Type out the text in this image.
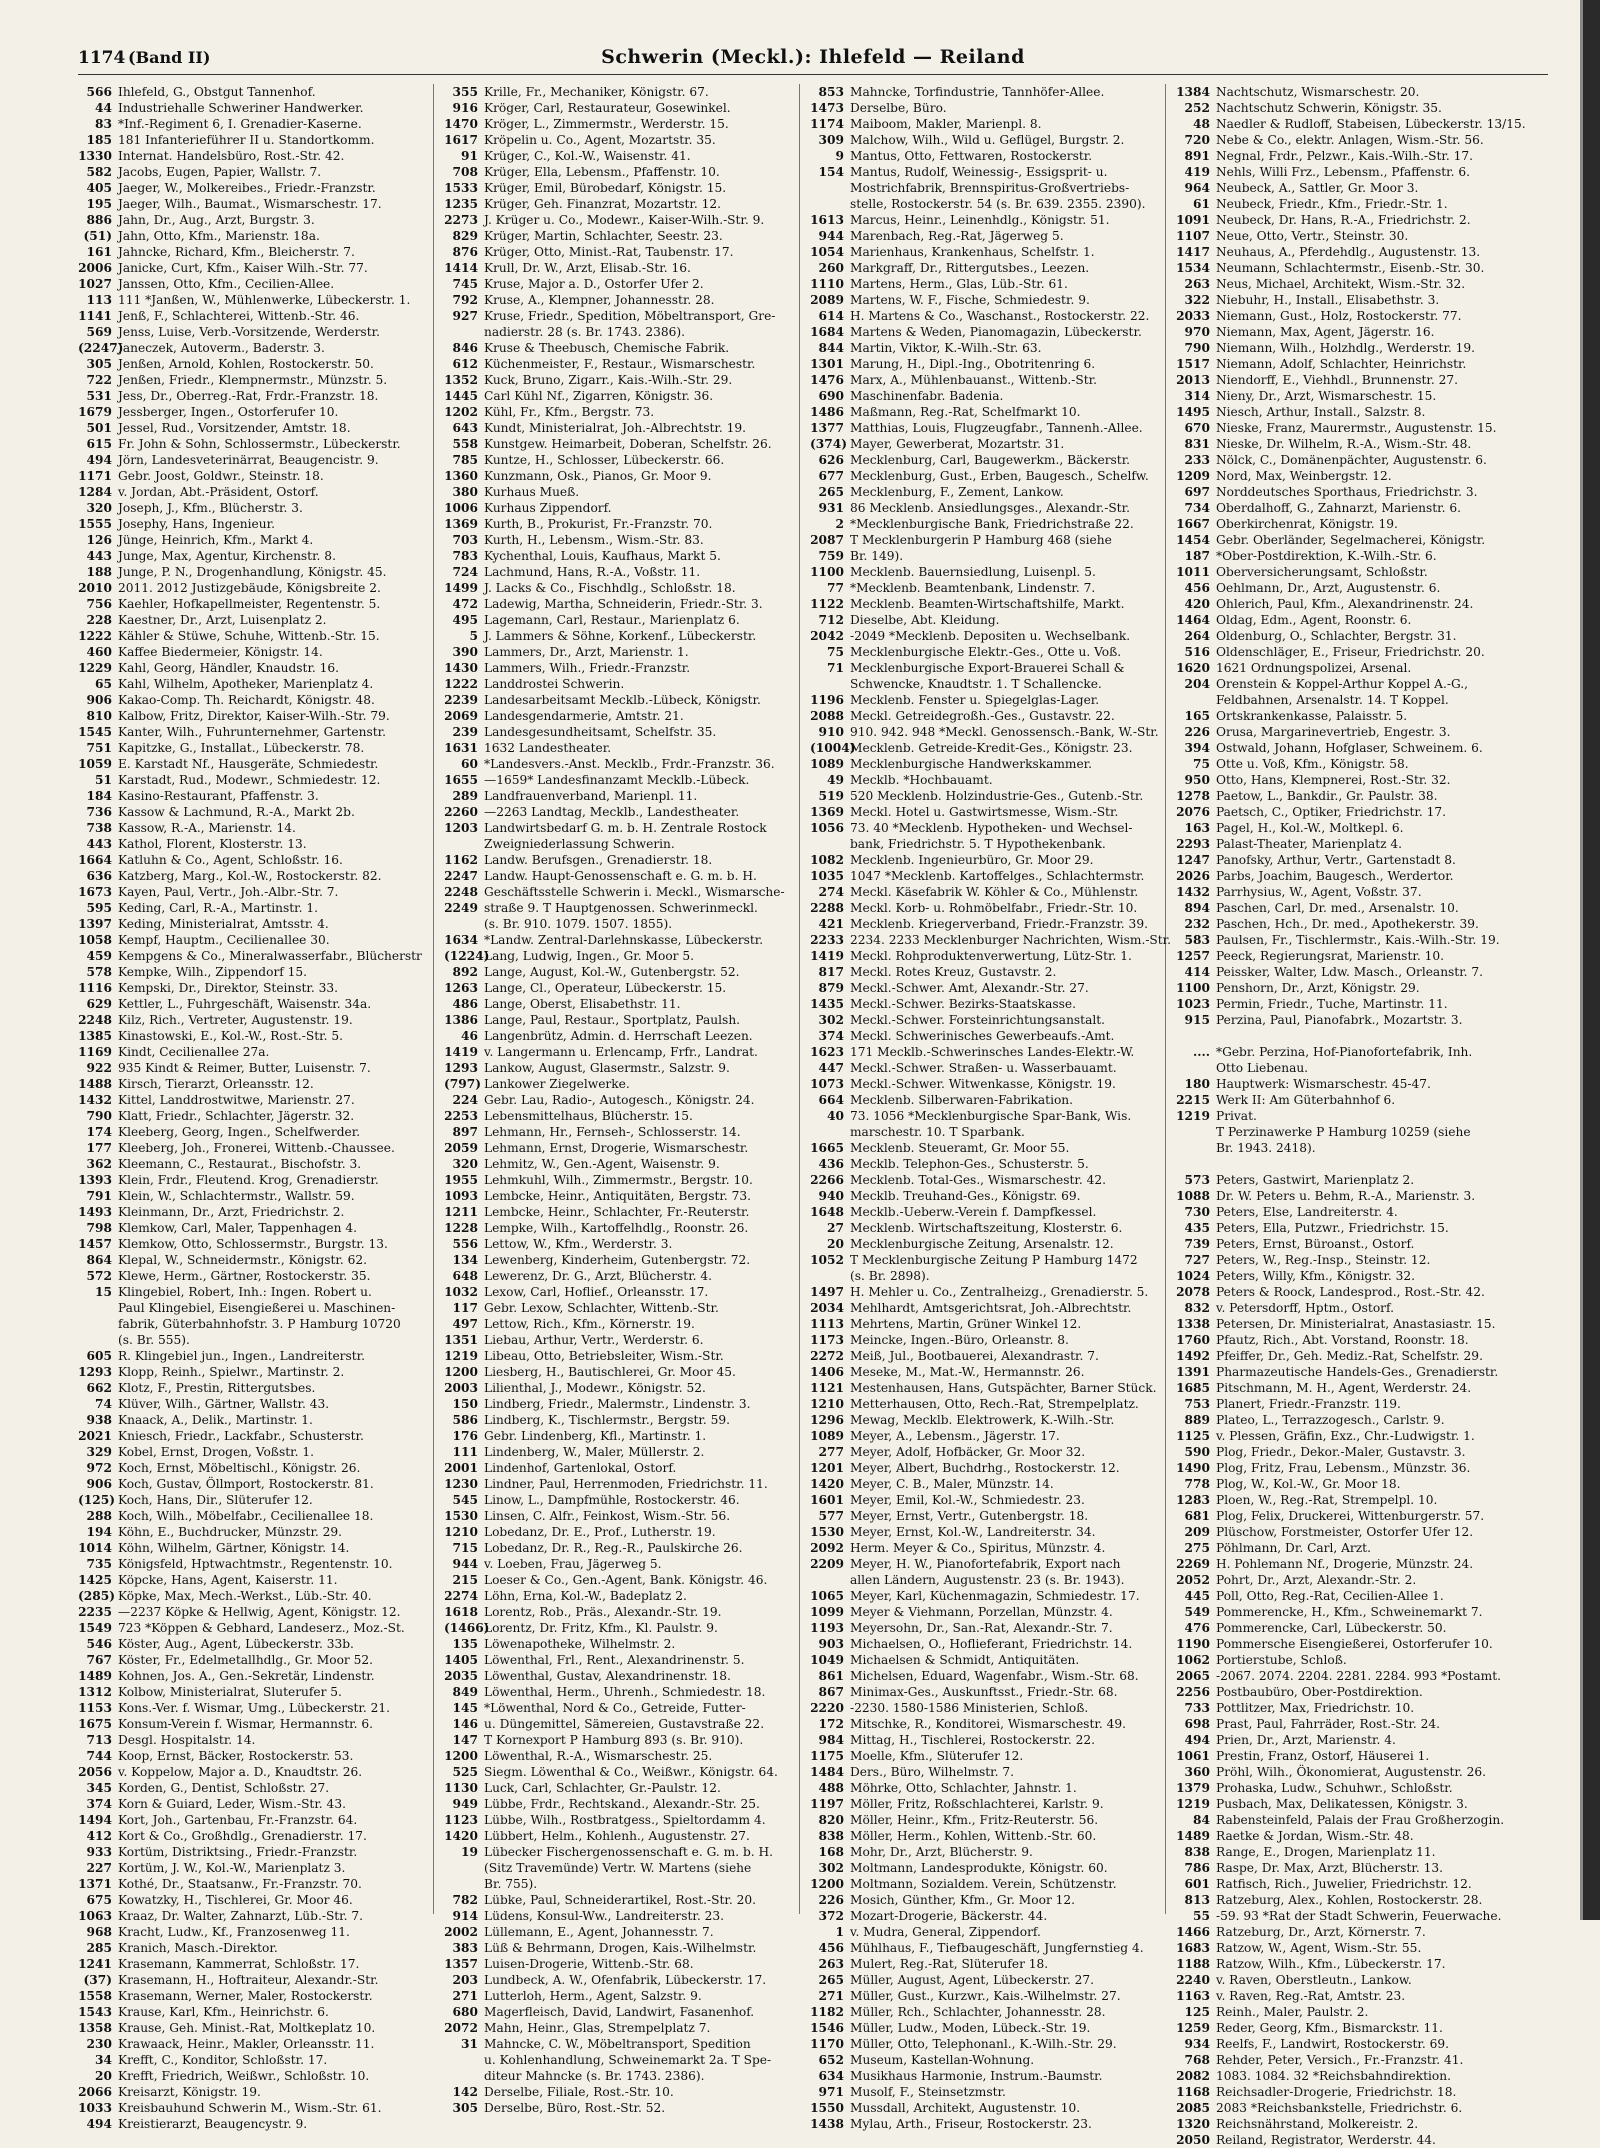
1174 (Band II)	Schwerin (Meckl.): Ihlefeld — Reiland
566 Ihlefeld, G., Obstgut Tannenhof.
44 Industriehalle Schweriner Handwerker.
83 *Inf.-Regiment 6, I. Grenadier-Kaserne.
185 181 Infanterieführer II u. Standortkomm.
1330 Internat. Handelsbüro, Rost.-Str. 42.
582 Jacobs, Eugen, Papier, Wallstr. 7.
405 Jaeger, W., Molkereibes., Friedr.-Franzstr.
195 Jaeger, Wilh., Baumat., Wismarschestr. 17.
886 Jahn, Dr., Aug., Arzt, Burgstr. 3.
(51) Jahn, Otto, Kfm., Marienstr. 18a.
161 Jahncke, Richard, Kfm., Bleicherstr. 7.
2006 Janicke, Curt, Kfm., Kaiser Wilh.-Str. 77.
1027 Janssen, Otto, Kfm., Cecilien-Allee.
113 111 *Janßen, W., Mühlenwerke, Lübeckerstr. 1.
1141 Jenß, F., Schlachterei, Wittenb.-Str. 46.
569 Jenss, Luise, Verb.-Vorsitzende, Werderstr.
(2247)Janeczek, Autoverm., Baderstr. 3.
305 Jenßen, Arnold, Kohlen, Rostockerstr. 50.
722 Jenßen, Friedr., Klempnermstr., Münzstr. 5.
531 Jess, Dr., Oberreg.-Rat, Frdr.-Franzstr. 18.
1679 Jessberger, Ingen., Ostorferufer 10.
501 Jessel, Rud., Vorsitzender, Amtstr. 18.
615 Fr. John & Sohn, Schlossermstr., Lübeckerstr.
494 Jörn, Landesveterinärrat, Beaugencistr. 9.
1171 Gebr. Joost, Goldwr., Steinstr. 18.
1284 v. Jordan, Abt.-Präsident, Ostorf.
320 Joseph, J., Kfm., Blücherstr. 3.
1555 Josephy, Hans, Ingenieur.
126 Jünge, Heinrich, Kfm., Markt 4.
443 Junge, Max, Agentur, Kirchenstr. 8.
188 Junge, P. N., Drogenhandlung, Königstr. 45.
2010 2011. 2012 Justizgebäude, Königsbreite 2.
756 Kaehler, Hofkapellmeister, Regentenstr. 5.
228 Kaestner, Dr., Arzt, Luisenplatz 2.
1222 Kähler & Stüwe, Schuhe, Wittenb.-Str. 15.
460 Kaffee Biedermeier, Königstr. 14.
1229 Kahl, Georg, Händler, Knaudstr. 16.
65 Kahl, Wilhelm, Apotheker, Marienplatz 4.
906 Kakao-Comp. Th. Reichardt, Königstr. 48.
810 Kalbow, Fritz, Direktor, Kaiser-Wilh.-Str. 79.
1545 Kanter, Wilh., Fuhrunternehmer, Gartenstr.
751 Kapitzke, G., Installat., Lübeckerstr. 78.
1059 E. Karstadt Nf., Hausgeräte, Schmiedestr.
51 Karstadt, Rud., Modewr., Schmiedestr. 12.
184 Kasino-Restaurant, Pfaffenstr. 3.
736 Kassow & Lachmund, R.-A., Markt 2b.
738 Kassow, R.-A., Marienstr. 14.
443 Kathol, Florent, Klosterstr. 13.
1664 Katluhn & Co., Agent, Schloßstr. 16.
636 Katzberg, Marg., Kol.-W., Rostockerstr. 82.
1673 Kayen, Paul, Vertr., Joh.-Albr.-Str. 7.
595 Keding, Carl, R.-A., Martinstr. 1.
1397 Keding, Ministerialrat, Amtsstr. 4.
1058 Kempf, Hauptm., Cecilienallee 30.
459 Kempgens & Co., Mineralwasserfabr., Blücherstr
578 Kempke, Wilh., Zippendorf 15.
1116 Kempski, Dr., Direktor, Steinstr. 33.
629 Kettler, L., Fuhrgeschäft, Waisenstr. 34a.
2248 Kilz, Rich., Vertreter, Augustenstr. 19.
1385 Kinastowski, E., Kol.-W., Rost.-Str. 5.
1169 Kindt, Cecilienallee 27a.
922 935 Kindt & Reimer, Butter, Luisenstr. 7.
1488 Kirsch, Tierarzt, Orleansstr. 12.
1432 Kittel, Landdrostwitwe, Marienstr. 27.
790 Klatt, Friedr., Schlachter, Jägerstr. 32.
174 Kleeberg, Georg, Ingen., Schelfwerder.
177 Kleeberg, Joh., Fronerei, Wittenb.-Chaussee.
362 Kleemann, C., Restaurat., Bischofstr. 3.
1393 Klein, Frdr., Fleutend. Krog, Grenadierstr.
791 Klein, W., Schlachtermstr., Wallstr. 59.
1493 Kleinmann, Dr., Arzt, Friedrichstr. 2.
798 Klemkow, Carl, Maler, Tappenhagen 4.
1457 Klemkow, Otto, Schlossermstr., Burgstr. 13.
864 Klepal, W., Schneidermstr., Königstr. 62.
572 Klewe, Herm., Gärtner, Rostockerstr. 35.
15 Klingebiel, Robert, Inh.: Ingen. Robert u.
Paul Klingebiel, Eisengießerei u. Maschinen-
fabrik, Güterbahnhofstr. 3. P Hamburg 10720
(s. Br. 555).
605 R. Klingebiel jun., Ingen., Landreiterstr.
1293 Klopp, Reinh., Spielwr., Martinstr. 2.
662 Klotz, F., Prestin, Rittergutsbes.
74 Klüver, Wilh., Gärtner, Wallstr. 43.
938 Knaack, A., Delik., Martinstr. 1.
2021 Kniesch, Friedr., Lackfabr., Schusterstr.
329 Kobel, Ernst, Drogen, Voßstr. 1.
972 Koch, Ernst, Möbeltischl., Königstr. 26.
906 Koch, Gustav, Öllmport, Rostockerstr. 81.
(125) Koch, Hans, Dir., Slüterufer 12.
288 Koch, Wilh., Möbelfabr., Cecilienallee 18.
194 Köhn, E., Buchdrucker, Münzstr. 29.
1014 Köhn, Wilhelm, Gärtner, Königstr. 14.
735 Königsfeld, Hptwachtmstr., Regentenstr. 10.
1425 Köpcke, Hans, Agent, Kaiserstr. 11.
(285) Köpke, Max, Mech.-Werkst., Lüb.-Str. 40.
2235 —2237 Köpke & Hellwig, Agent, Königstr. 12.
1549 723 *Köppen & Gebhard, Landeserz., Moz.-St.
546 Köster, Aug., Agent, Lübeckerstr. 33b.
767 Köster, Fr., Edelmetallhdlg., Gr. Moor 52.
1489 Kohnen, Jos. A., Gen.-Sekretär, Lindenstr.
1312 Kolbow, Ministerialrat, Sluterufer 5.
1153 Kons.-Ver. f. Wismar, Umg., Lübeckerstr. 21.
1675 Konsum-Verein f. Wismar, Hermannstr. 6.
713 Desgl. Hospitalstr. 14.
744 Koop, Ernst, Bäcker, Rostockerstr. 53.
2056 v. Koppelow, Major a. D., Knaudtstr. 26.
345 Korden, G., Dentist, Schloßstr. 27.
374 Korn & Guiard, Leder, Wism.-Str. 43.
1494 Kort, Joh., Gartenbau, Fr.-Franzstr. 64.
412 Kort & Co., Großhdlg., Grenadierstr. 17.
933 Kortüm, Distriktsing., Friedr.-Franzstr.
227 Kortüm, J. W., Kol.-W., Marienplatz 3.
1371 Kothé, Dr., Staatsanw., Fr.-Franzstr. 70.
675 Kowatzky, H., Tischlerei, Gr. Moor 46.
1063 Kraaz, Dr. Walter, Zahnarzt, Lüb.-Str. 7.
968 Kracht, Ludw., Kf., Franzosenweg 11.
285 Kranich, Masch.-Direktor.
1241 Krasemann, Kammerrat, Schloßstr. 17.
(37) Krasemann, H., Hoftraiteur, Alexandr.-Str.
1558 Krasemann, Werner, Maler, Rostockerstr.
1543 Krause, Karl, Kfm., Heinrichstr. 6.
1358 Krause, Geh. Minist.-Rat, Moltkeplatz 10.
230 Krawaack, Heinr., Makler, Orleansstr. 11.
34 Krefft, C., Konditor, Schloßstr. 17.
20 Krefft, Friedrich, Weißwr., Schloßstr. 10.
2066 Kreisarzt, Königstr. 19.
1033 Kreisbauhund Schwerin M., Wism.-Str. 61.
494 Kreistierarzt, Beaugencystr. 9.
355 Krille, Fr., Mechaniker, Königstr. 67.
916 Kröger, Carl, Restaurateur, Gosewinkel.
1470 Kröger, L., Zimmermstr., Werderstr. 15.
1617 Kröpelin u. Co., Agent, Mozartstr. 35.
91 Krüger, C., Kol.-W., Waisenstr. 41.
708 Krüger, Ella, Lebensm., Pfaffenstr. 10.
1533 Krüger, Emil, Bürobedarf, Königstr. 15.
1235 Krüger, Geh. Finanzrat, Mozartstr. 12.
2273 J. Krüger u. Co., Modewr., Kaiser-Wilh.-Str. 9.
829 Krüger, Martin, Schlachter, Seestr. 23.
876 Krüger, Otto, Minist.-Rat, Taubenstr. 17.
1414 Krull, Dr. W., Arzt, Elisab.-Str. 16.
745 Kruse, Major a. D., Ostorfer Ufer 2.
792 Kruse, A., Klempner, Johannesstr. 28.
927 Kruse, Friedr., Spedition, Möbeltransport, Gre-
nadierstr. 28 (s. Br. 1743. 2386).
846 Kruse & Theebusch, Chemische Fabrik.
612 Küchenmeister, F., Restaur., Wismarschestr.
1352 Kuck, Bruno, Zigarr., Kais.-Wilh.-Str. 29.
1445 Carl Kühl Nf., Zigarren, Königstr. 36.
1202 Kühl, Fr., Kfm., Bergstr. 73.
643 Kundt, Ministerialrat, Joh.-Albrechtstr. 19.
558 Kunstgew. Heimarbeit, Doberan, Schelfstr. 26.
785 Kuntze, H., Schlosser, Lübeckerstr. 66.
1360 Kunzmann, Osk., Pianos, Gr. Moor 9.
380 Kurhaus Mueß.
1006 Kurhaus Zippendorf.
1369 Kurth, B., Prokurist, Fr.-Franzstr. 70.
703 Kurth, H., Lebensm., Wism.-Str. 83.
783 Kychenthal, Louis, Kaufhaus, Markt 5.
724 Lachmund, Hans, R.-A., Voßstr. 11.
1499 J. Lacks & Co., Fischhdlg., Schloßstr. 18.
472 Ladewig, Martha, Schneiderin, Friedr.-Str. 3.
495 Lagemann, Carl, Restaur., Marienplatz 6.
5 J. Lammers & Söhne, Korkenf., Lübeckerstr.
390 Lammers, Dr., Arzt, Marienstr. 1.
1430 Lammers, Wilh., Friedr.-Franzstr.
1222 Landdrostei Schwerin.
2239 Landesarbeitsamt Mecklb.-Lübeck, Königstr.
2069 Landesgendarmerie, Amtstr. 21.
239 Landesgesundheitsamt, Schelfstr. 35.
1631 1632 Landestheater.
60 *Landesvers.-Anst. Mecklb., Frdr.-Franzstr. 36.
1655 —1659* Landesfinanzamt Mecklb.-Lübeck.
289 Landfrauenverband, Marienpl. 11.
2260 —2263 Landtag, Mecklb., Landestheater.
1203 Landwirtsbedarf G. m. b. H. Zentrale Rostock
Zweigniederlassung Schwerin.
1162 Landw. Berufsgen., Grenadierstr. 18.
2247 Landw. Haupt-Genossenschaft e. G. m. b. H.
2248 Geschäftsstelle Schwerin i. Meckl., Wismarsche-
2249 straße 9. T Hauptgenossen. Schwerinmeckl.
(s. Br. 910. 1079. 1507. 1855).
1634 *Landw. Zentral-Darlehnskasse, Lübeckerstr.
(1224)Lang, Ludwig, Ingen., Gr. Moor 5.
892 Lange, August, Kol.-W., Gutenbergstr. 52.
1263 Lange, Cl., Operateur, Lübeckerstr. 15.
486 Lange, Oberst, Elisabethstr. 11.
1386 Lange, Paul, Restaur., Sportplatz, Paulsh.
46 Langenbrütz, Admin. d. Herrschaft Leezen.
1419 v. Langermann u. Erlencamp, Frfr., Landrat.
1293 Lankow, August, Glasermstr., Salzstr. 9.
(797) Lankower Ziegelwerke.
224 Gebr. Lau, Radio-, Autogesch., Königstr. 24.
2253 Lebensmittelhaus, Blücherstr. 15.
897 Lehmann, Hr., Fernseh-, Schlosserstr. 14.
2059 Lehmann, Ernst, Drogerie, Wismarschestr.
320 Lehmitz, W., Gen.-Agent, Waisenstr. 9.
1955 Lehmkuhl, Wilh., Zimmermstr., Bergstr. 10.
1093 Lembcke, Heinr., Antiquitäten, Bergstr. 73.
1211 Lembcke, Heinr., Schlachter, Fr.-Reuterstr.
1228 Lempke, Wilh., Kartoffelhdlg., Roonstr. 26.
556 Lettow, W., Kfm., Werderstr. 3.
134 Lewenberg, Kinderheim, Gutenbergstr. 72.
648 Lewerenz, Dr. G., Arzt, Blücherstr. 4.
1032 Lexow, Carl, Hoflief., Orleansstr. 17.
117 Gebr. Lexow, Schlachter, Wittenb.-Str.
497 Lettow, Rich., Kfm., Körnerstr. 19.
1351 Liebau, Arthur, Vertr., Werderstr. 6.
1219 Libeau, Otto, Betriebsleiter, Wism.-Str.
1200 Liesberg, H., Bautischlerei, Gr. Moor 45.
2003 Lilienthal, J., Modewr., Königstr. 52.
150 Lindberg, Friedr., Malermstr., Lindenstr. 3.
586 Lindberg, K., Tischlermstr., Bergstr. 59.
176 Gebr. Lindenberg, Kfl., Martinstr. 1.
111 Lindenberg, W., Maler, Müllerstr. 2.
2001 Lindenhof, Gartenlokal, Ostorf.
1230 Lindner, Paul, Herrenmoden, Friedrichstr. 11.
545 Linow, L., Dampfmühle, Rostockerstr. 46.
1530 Linsen, C. Alfr., Feinkost, Wism.-Str. 56.
1210 Lobedanz, Dr. E., Prof., Lutherstr. 19.
715 Lobedanz, Dr. R., Reg.-R., Paulskirche 26.
944 v. Loeben, Frau, Jägerweg 5.
215 Loeser & Co., Gen.-Agent, Bank. Königstr. 46.
2274 Löhn, Erna, Kol.-W., Badeplatz 2.
1618 Lorentz, Rob., Präs., Alexandr.-Str. 19.
(1466)Lorentz, Dr. Fritz, Kfm., Kl. Paulstr. 9.
135 Löwenapotheke, Wilhelmstr. 2.
1405 Löwenthal, Frl., Rent., Alexandrinenstr. 5.
2035 Löwenthal, Gustav, Alexandrinenstr. 18.
849 Löwenthal, Herm., Uhrenh., Schmiedestr. 18.
145 *Löwenthal, Nord & Co., Getreide, Futter-
146 u. Düngemittel, Sämereien, Gustavstraße 22.
147 T Kornexport P Hamburg 893 (s. Br. 910).
1200 Löwenthal, R.-A., Wismarschestr. 25.
525 Siegm. Löwenthal & Co., Weißwr., Königstr. 64.
1130 Luck, Carl, Schlachter, Gr.-Paulstr. 12.
949 Lübbe, Frdr., Rechtskand., Alexandr.-Str. 25.
1123 Lübbe, Wilh., Rostbratgess., Spieltordamm 4.
1420 Lübbert, Helm., Kohlenh., Augustenstr. 27.
19 Lübecker Fischergenossenschaft e. G. m. b. H.
(Sitz Travemünde) Vertr. W. Martens (siehe
Br. 755).
782 Lübke, Paul, Schneiderartikel, Rost.-Str. 20.
914 Lüdens, Konsul-Ww., Landreiterstr. 23.
2002 Lüllemann, E., Agent, Johannesstr. 7.
383 Lüß & Behrmann, Drogen, Kais.-Wilhelmstr.
1357 Luisen-Drogerie, Wittenb.-Str. 68.
203 Lundbeck, A. W., Ofenfabrik, Lübeckerstr. 17.
271 Lutterloh, Herm., Agent, Salzstr. 9.
680 Magerfleisch, David, Landwirt, Fasanenhof.
2072 Mahn, Heinr., Glas, Strempelplatz 7.
31 Mahncke, C. W., Möbeltransport, Spedition
u. Kohlenhandlung, Schweinemarkt 2a. T Spe-
diteur Mahncke (s. Br. 1743. 2386).
142 Derselbe, Filiale, Rost.-Str. 10.
305 Derselbe, Büro, Rost.-Str. 52.
853 Mahncke, Torfindustrie, Tannhöfer-Allee.
1473 Derselbe, Büro.
1174 Maiboom, Makler, Marienpl. 8.
309 Malchow, Wilh., Wild u. Geflügel, Burgstr. 2.
9 Mantus, Otto, Fettwaren, Rostockerstr.
154 Mantus, Rudolf, Weinessig-, Essigsprit- u.
Mostrichfabrik, Brennspiritus-Großvertriebs-
stelle, Rostockerstr. 54 (s. Br. 639. 2355. 2390).
1613 Marcus, Heinr., Leinenhdlg., Königstr. 51.
944 Marenbach, Reg.-Rat, Jägerweg 5.
1054 Marienhaus, Krankenhaus, Schelfstr. 1.
260 Markgraff, Dr., Rittergutsbes., Leezen.
1110 Martens, Herm., Glas, Lüb.-Str. 61.
2089 Martens, W. F., Fische, Schmiedestr. 9.
614 H. Martens & Co., Waschanst., Rostockerstr. 22.
1684 Martens & Weden, Pianomagazin, Lübeckerstr.
844 Martin, Viktor, K.-Wilh.-Str. 63.
1301 Marung, H., Dipl.-Ing., Obotritenring 6.
1476 Marx, A., Mühlenbauanst., Wittenb.-Str.
690 Maschinenfabr. Badenia.
1486 Maßmann, Reg.-Rat, Schelfmarkt 10.
1377 Matthias, Louis, Flugzeugfabr., Tannenh.-Allee.
(374) Mayer, Gewerberat, Mozartstr. 31.
626 Mecklenburg, Carl, Baugewerkm., Bäckerstr.
677 Mecklenburg, Gust., Erben, Baugesch., Schelfw.
265 Mecklenburg, F., Zement, Lankow.
931 86 Mecklenb. Ansiedlungsges., Alexandr.-Str.
2 *Mecklenburgische Bank, Friedrichstraße 22.
2087 T Mecklenburgerin P Hamburg 468 (siehe
759 Br. 149).
1100 Mecklenb. Bauernsiedlung, Luisenpl. 5.
77 *Mecklenb. Beamtenbank, Lindenstr. 7.
1122 Mecklenb. Beamten-Wirtschaftshilfe, Markt.
712 Dieselbe, Abt. Kleidung.
2042 -2049 *Mecklenb. Depositen u. Wechselbank.
75 Mecklenburgische Elektr.-Ges., Otte u. Voß.
71 Mecklenburgische Export-Brauerei Schall &
Schwencke, Knaudtstr. 1. T Schallencke.
1196 Mecklenb. Fenster u. Spiegelglas-Lager.
2088 Meckl. Getreidegroßh.-Ges., Gustavstr. 22.
910 910. 942. 948 *Meckl. Genossensch.-Bank, W.-Str.
(1004)Mecklenb. Getreide-Kredit-Ges., Königstr. 23.
1089 Mecklenburgische Handwerkskammer.
49 Mecklb. *Hochbauamt.
519 520 Mecklenb. Holzindustrie-Ges., Gutenb.-Str.
1369 Meckl. Hotel u. Gastwirtsmesse, Wism.-Str.
1056 73. 40 *Mecklenb. Hypotheken- und Wechsel-
bank, Friedrichstr. 5. T Hypothekenbank.
1082 Mecklenb. Ingenieurbüro, Gr. Moor 29.
1035 1047 *Mecklenb. Kartoffelges., Schlachtermstr.
274 Meckl. Käsefabrik W. Köhler & Co., Mühlenstr.
2288 Meckl. Korb- u. Rohmöbelfabr., Friedr.-Str. 10.
421 Mecklenb. Kriegerverband, Friedr.-Franzstr. 39.
2233 2234. 2233 Mecklenburger Nachrichten, Wism.-Str.
1419 Meckl. Rohproduktenverwertung, Lütz-Str. 1.
817 Meckl. Rotes Kreuz, Gustavstr. 2.
879 Meckl.-Schwer. Amt, Alexandr.-Str. 27.
1435 Meckl.-Schwer. Bezirks-Staatskasse.
302 Meckl.-Schwer. Forsteinrichtungsanstalt.
374 Meckl. Schwerinisches Gewerbeaufs.-Amt.
1623 171 Mecklb.-Schwerinsches Landes-Elektr.-W.
447 Meckl.-Schwer. Straßen- u. Wasserbauamt.
1073 Meckl.-Schwer. Witwenkasse, Königstr. 19.
664 Mecklenb. Silberwaren-Fabrikation.
40 73. 1056 *Mecklenburgische Spar-Bank, Wis.
marschestr. 10. T Sparbank.
1665 Mecklenb. Steueramt, Gr. Moor 55.
436 Mecklb. Telephon-Ges., Schusterstr. 5.
2266 Mecklenb. Total-Ges., Wismarschestr. 42.
940 Mecklb. Treuhand-Ges., Königstr. 69.
1648 Mecklb.-Ueberw.-Verein f. Dampfkessel.
27 Mecklenb. Wirtschaftszeitung, Klosterstr. 6.
20 Mecklenburgische Zeitung, Arsenalstr. 12.
1052 T Mecklenburgische Zeitung P Hamburg 1472
(s. Br. 2898).
1497 H. Mehler u. Co., Zentralheizg., Grenadierstr. 5.
2034 Mehlhardt, Amtsgerichtsrat, Joh.-Albrechtstr.
1113 Mehrtens, Martin, Grüner Winkel 12.
1173 Meincke, Ingen.-Büro, Orleanstr. 8.
2272 Meiß, Jul., Bootbauerei, Alexandrastr. 7.
1406 Meseke, M., Mat.-W., Hermannstr. 26.
1121 Mestenhausen, Hans, Gutspächter, Barner Stück.
1210 Metterhausen, Otto, Rech.-Rat, Strempelplatz.
1296 Mewag, Mecklb. Elektrowerk, K.-Wilh.-Str.
1089 Meyer, A., Lebensm., Jägerstr. 17.
277 Meyer, Adolf, Hofbäcker, Gr. Moor 32.
1201 Meyer, Albert, Buchdrhg., Rostockerstr. 12.
1420 Meyer, C. B., Maler, Münzstr. 14.
1601 Meyer, Emil, Kol.-W., Schmiedestr. 23.
577 Meyer, Ernst, Vertr., Gutenbergstr. 18.
1530 Meyer, Ernst, Kol.-W., Landreiterstr. 34.
2092 Herm. Meyer & Co., Spiritus, Münzstr. 4.
2209 Meyer, H. W., Pianofortefabrik, Export nach
allen Ländern, Augustenstr. 23 (s. Br. 1943).
1065 Meyer, Karl, Küchenmagazin, Schmiedestr. 17.
1099 Meyer & Viehmann, Porzellan, Münzstr. 4.
1193 Meyersohn, Dr., San.-Rat, Alexandr.-Str. 7.
903 Michaelsen, O., Hoflieferant, Friedrichstr. 14.
1049 Michaelsen & Schmidt, Antiquitäten.
861 Michelsen, Eduard, Wagenfabr., Wism.-Str. 68.
867 Minimax-Ges., Auskunftsst., Friedr.-Str. 68.
2220 -2230. 1580-1586 Ministerien, Schloß.
172 Mitschke, R., Konditorei, Wismarschestr. 49.
984 Mittag, H., Tischlerei, Rostockerstr. 22.
1175 Moelle, Kfm., Slüterufer 12.
1484 Ders., Büro, Wilhelmstr. 7.
488 Möhrke, Otto, Schlachter, Jahnstr. 1.
1197 Möller, Fritz, Roßschlachterei, Karlstr. 9.
820 Möller, Heinr., Kfm., Fritz-Reuterstr. 56.
838 Möller, Herm., Kohlen, Wittenb.-Str. 60.
168 Mohr, Dr., Arzt, Blücherstr. 9.
302 Moltmann, Landesprodukte, Königstr. 60.
1200 Moltmann, Sozialdem. Verein, Schützenstr.
226 Mosich, Günther, Kfm., Gr. Moor 12.
372 Mozart-Drogerie, Bäckerstr. 44.
1 v. Mudra, General, Zippendorf.
456 Mühlhaus, F., Tiefbaugeschäft, Jungfernstieg 4.
263 Mulert, Reg.-Rat, Slüterufer 18.
265 Müller, August, Agent, Lübeckerstr. 27.
271 Müller, Gust., Kurzwr., Kais.-Wilhelmstr. 27.
1182 Müller, Rch., Schlachter, Johannesstr. 28.
1546 Müller, Ludw., Moden, Lübeck.-Str. 19.
1170 Müller, Otto, Telephonanl., K.-Wilh.-Str. 29.
652 Museum, Kastellan-Wohnung.
634 Musikhaus Harmonie, Instrum.-Baumstr.
971 Musolf, F., Steinsetzmstr.
1550 Mussdall, Architekt, Augustenstr. 10.
1438 Mylau, Arth., Friseur, Rostockerstr. 23.
1384 Nachtschutz, Wismarschestr. 20.
252 Nachtschutz Schwerin, Königstr. 35.
48 Naedler & Rudloff, Stabeisen, Lübeckerstr. 13/15.
720 Nebe & Co., elektr. Anlagen, Wism.-Str. 56.
891 Negnal, Frdr., Pelzwr., Kais.-Wilh.-Str. 17.
419 Nehls, Willi Frz., Lebensm., Pfaffenstr. 6.
964 Neubeck, A., Sattler, Gr. Moor 3.
61 Neubeck, Friedr., Kfm., Friedr.-Str. 1.
1091 Neubeck, Dr. Hans, R.-A., Friedrichstr. 2.
1107 Neue, Otto, Vertr., Steinstr. 30.
1417 Neuhaus, A., Pferdehdlg., Augustenstr. 13.
1534 Neumann, Schlachtermstr., Eisenb.-Str. 30.
263 Neus, Michael, Architekt, Wism.-Str. 32.
322 Niebuhr, H., Install., Elisabethstr. 3.
2033 Niemann, Gust., Holz, Rostockerstr. 77.
970 Niemann, Max, Agent, Jägerstr. 16.
790 Niemann, Wilh., Holzhdlg., Werderstr. 19.
1517 Niemann, Adolf, Schlachter, Heinrichstr.
2013 Niendorff, E., Viehhdl., Brunnenstr. 27.
314 Nieny, Dr., Arzt, Wismarschestr. 15.
1495 Niesch, Arthur, Install., Salzstr. 8.
670 Nieske, Franz, Maurermstr., Augustenstr. 15.
831 Nieske, Dr. Wilhelm, R.-A., Wism.-Str. 48.
233 Nölck, C., Domänenpächter, Augustenstr. 6.
1209 Nord, Max, Weinbergstr. 12.
697 Norddeutsches Sporthaus, Friedrichstr. 3.
734 Oberdalhoff, G., Zahnarzt, Marienstr. 6.
1667 Oberkirchenrat, Königstr. 19.
1454 Gebr. Oberländer, Segelmacherei, Königstr.
187 *Ober-Postdirektion, K.-Wilh.-Str. 6.
1011 Oberversicherungsamt, Schloßstr.
456 Oehlmann, Dr., Arzt, Augustenstr. 6.
420 Ohlerich, Paul, Kfm., Alexandrinenstr. 24.
1464 Oldag, Edm., Agent, Roonstr. 6.
264 Oldenburg, O., Schlachter, Bergstr. 31.
516 Oldenschläger, E., Friseur, Friedrichstr. 20.
1620 1621 Ordnungspolizei, Arsenal.
204 Orenstein & Koppel-Arthur Koppel A.-G.,
Feldbahnen, Arsenalstr. 14. T Koppel.
165 Ortskrankenkasse, Palaisstr. 5.
226 Orusa, Margarinevertrieb, Engestr. 3.
394 Ostwald, Johann, Hofglaser, Schweinem. 6.
75 Otte u. Voß, Kfm., Königstr. 58.
950 Otto, Hans, Klempnerei, Rost.-Str. 32.
1278 Paetow, L., Bankdir., Gr. Paulstr. 38.
2076 Paetsch, C., Optiker, Friedrichstr. 17.
163 Pagel, H., Kol.-W., Moltkepl. 6.
2293 Palast-Theater, Marienplatz 4.
1247 Panofsky, Arthur, Vertr., Gartenstadt 8.
2026 Parbs, Joachim, Baugesch., Werdertor.
1432 Parrhysius, W., Agent, Voßstr. 37.
894 Paschen, Carl, Dr. med., Arsenalstr. 10.
232 Paschen, Hch., Dr. med., Apothekerstr. 39.
583 Paulsen, Fr., Tischlermstr., Kais.-Wilh.-Str. 19.
1257 Peeck, Regierungsrat, Marienstr. 10.
414 Peissker, Walter, Ldw. Masch., Orleanstr. 7.
1100 Penshorn, Dr., Arzt, Königstr. 29.
1023 Permin, Friedr., Tuche, Martinstr. 11.
915 Perzina, Paul, Pianofabrk., Mozartstr. 3.
.... *Gebr. Perzina, Hof-Pianofortefabrik, Inh.
Otto Liebenau.
180 Hauptwerk: Wismarschestr. 45-47.
2215 Werk II: Am Güterbahnhof 6.
1219 Privat.
T Perzinawerke P Hamburg 10259 (siehe
Br. 1943. 2418).
573 Peters, Gastwirt, Marienplatz 2.
1088 Dr. W. Peters u. Behm, R.-A., Marienstr. 3.
730 Peters, Else, Landreiterstr. 4.
435 Peters, Ella, Putzwr., Friedrichstr. 15.
739 Peters, Ernst, Büroanst., Ostorf.
727 Peters, W., Reg.-Insp., Steinstr. 12.
1024 Peters, Willy, Kfm., Königstr. 32.
2078 Peters & Roock, Landesprod., Rost.-Str. 42.
832 v. Petersdorff, Hptm., Ostorf.
1338 Petersen, Dr. Ministerialrat, Anastasiastr. 15.
1760 Pfautz, Rich., Abt. Vorstand, Roonstr. 18.
1492 Pfeiffer, Dr., Geh. Mediz.-Rat, Schelfstr. 29.
1391 Pharmazeutische Handels-Ges., Grenadierstr.
1685 Pitschmann, M. H., Agent, Werderstr. 24.
753 Planert, Friedr.-Franzstr. 119.
889 Plateo, L., Terrazzogesch., Carlstr. 9.
1125 v. Plessen, Gräfin, Exz., Chr.-Ludwigstr. 1.
590 Plog, Friedr., Dekor.-Maler, Gustavstr. 3.
1490 Plog, Fritz, Frau, Lebensm., Münzstr. 36.
778 Plog, W., Kol.-W., Gr. Moor 18.
1283 Ploen, W., Reg.-Rat, Strempelpl. 10.
681 Plog, Felix, Druckerei, Wittenburgerstr. 57.
209 Plüschow, Forstmeister, Ostorfer Ufer 12.
275 Pöhlmann, Dr. Carl, Arzt.
2269 H. Pohlemann Nf., Drogerie, Münzstr. 24.
2052 Pohrt, Dr., Arzt, Alexandr.-Str. 2.
445 Poll, Otto, Reg.-Rat, Cecilien-Allee 1.
549 Pommerencke, H., Kfm., Schweinemarkt 7.
476 Pommerencke, Carl, Lübeckerstr. 50.
1190 Pommersche Eisengießerei, Ostorferufer 10.
1062 Portierstube, Schloß.
2065 -2067. 2074. 2204. 2281. 2284. 993 *Postamt.
2256 Postbaubüro, Ober-Postdirektion.
733 Pottlitzer, Max, Friedrichstr. 10.
698 Prast, Paul, Fahrräder, Rost.-Str. 24.
494 Prien, Dr., Arzt, Marienstr. 4.
1061 Prestin, Franz, Ostorf, Häuserei 1.
360 Pröhl, Wilh., Ökonomierat, Augustenstr. 26.
1379 Prohaska, Ludw., Schuhwr., Schloßstr.
1219 Pusbach, Max, Delikatessen, Königstr. 3.
84 Rabensteinfeld, Palais der Frau Großherzogin.
1489 Raetke & Jordan, Wism.-Str. 48.
838 Range, E., Drogen, Marienplatz 11.
786 Raspe, Dr. Max, Arzt, Blücherstr. 13.
601 Ratfisch, Rich., Juwelier, Friedrichstr. 12.
813 Ratzeburg, Alex., Kohlen, Rostockerstr. 28.
55 -59. 93 *Rat der Stadt Schwerin, Feuerwache.
1466 Ratzeburg, Dr., Arzt, Körnerstr. 7.
1683 Ratzow, W., Agent, Wism.-Str. 55.
1188 Ratzow, Wilh., Kfm., Lübeckerstr. 17.
2240 v. Raven, Oberstleutn., Lankow.
1163 v. Raven, Reg.-Rat, Amtstr. 23.
125 Reinh., Maler, Paulstr. 2.
1259 Reder, Georg, Kfm., Bismarckstr. 11.
934 Reelfs, F., Landwirt, Rostockerstr. 69.
768 Rehder, Peter, Versich., Fr.-Franzstr. 41.
2082 1083. 1084. 32 *Reichsbahndirektion.
1168 Reichsadler-Drogerie, Friedrichstr. 18.
2085 2083 *Reichsbankstelle, Friedrichstr. 6.
1320 Reichsnährstand, Molkereistr. 2.
2050 Reiland, Registrator, Werderstr. 44.
